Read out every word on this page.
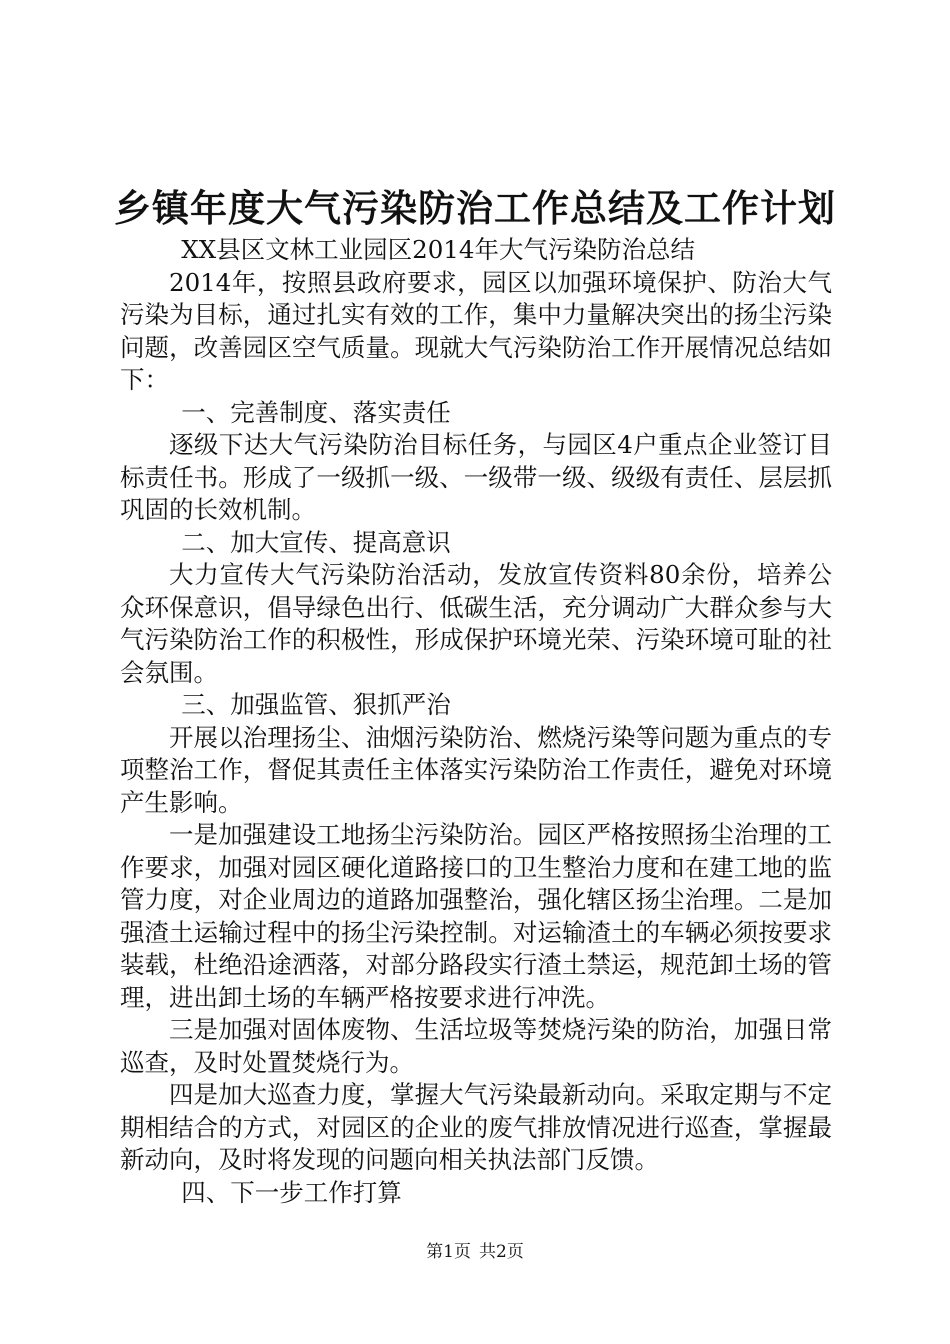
乡镇年度大气污染防治工作总结及工作计划

XX县区文林工业园区2014年大气污染防治总结

2014年，按照县政府要求，园区以加强环境保护、防治大气污染为目标，通过扎实有效的工作，集中力量解决突出的扬尘污染问题，改善园区空气质量。现就大气污染防治工作开展情况总结如下：

一、完善制度、落实责任

逐级下达大气污染防治目标任务，与园区4户重点企业签订目标责任书。形成了一级抓一级、一级带一级、级级有责任、层层抓巩固的长效机制。

二、加大宣传、提高意识

大力宣传大气污染防治活动，发放宣传资料80余份，培养公众环保意识，倡导绿色出行、低碳生活，充分调动广大群众参与大气污染防治工作的积极性，形成保护环境光荣、污染环境可耻的社会氛围。

三、加强监管、狠抓严治

开展以治理扬尘、油烟污染防治、燃烧污染等问题为重点的专项整治工作，督促其责任主体落实污染防治工作责任，避免对环境产生影响。

一是加强建设工地扬尘污染防治。园区严格按照扬尘治理的工作要求，加强对园区硬化道路接口的卫生整治力度和在建工地的监管力度，对企业周边的道路加强整治，强化辖区扬尘治理。二是加强渣土运输过程中的扬尘污染控制。对运输渣土的车辆必须按要求装载，杜绝沿途洒落，对部分路段实行渣土禁运，规范卸土场的管理，进出卸土场的车辆严格按要求进行冲洗。

三是加强对固体废物、生活垃圾等焚烧污染的防治，加强日常巡查，及时处置焚烧行为。

四是加大巡查力度，掌握大气污染最新动向。采取定期与不定期相结合的方式，对园区的企业的废气排放情况进行巡查，掌握最新动向，及时将发现的问题向相关执法部门反馈。

四、下一步工作打算

第1页 共2页
